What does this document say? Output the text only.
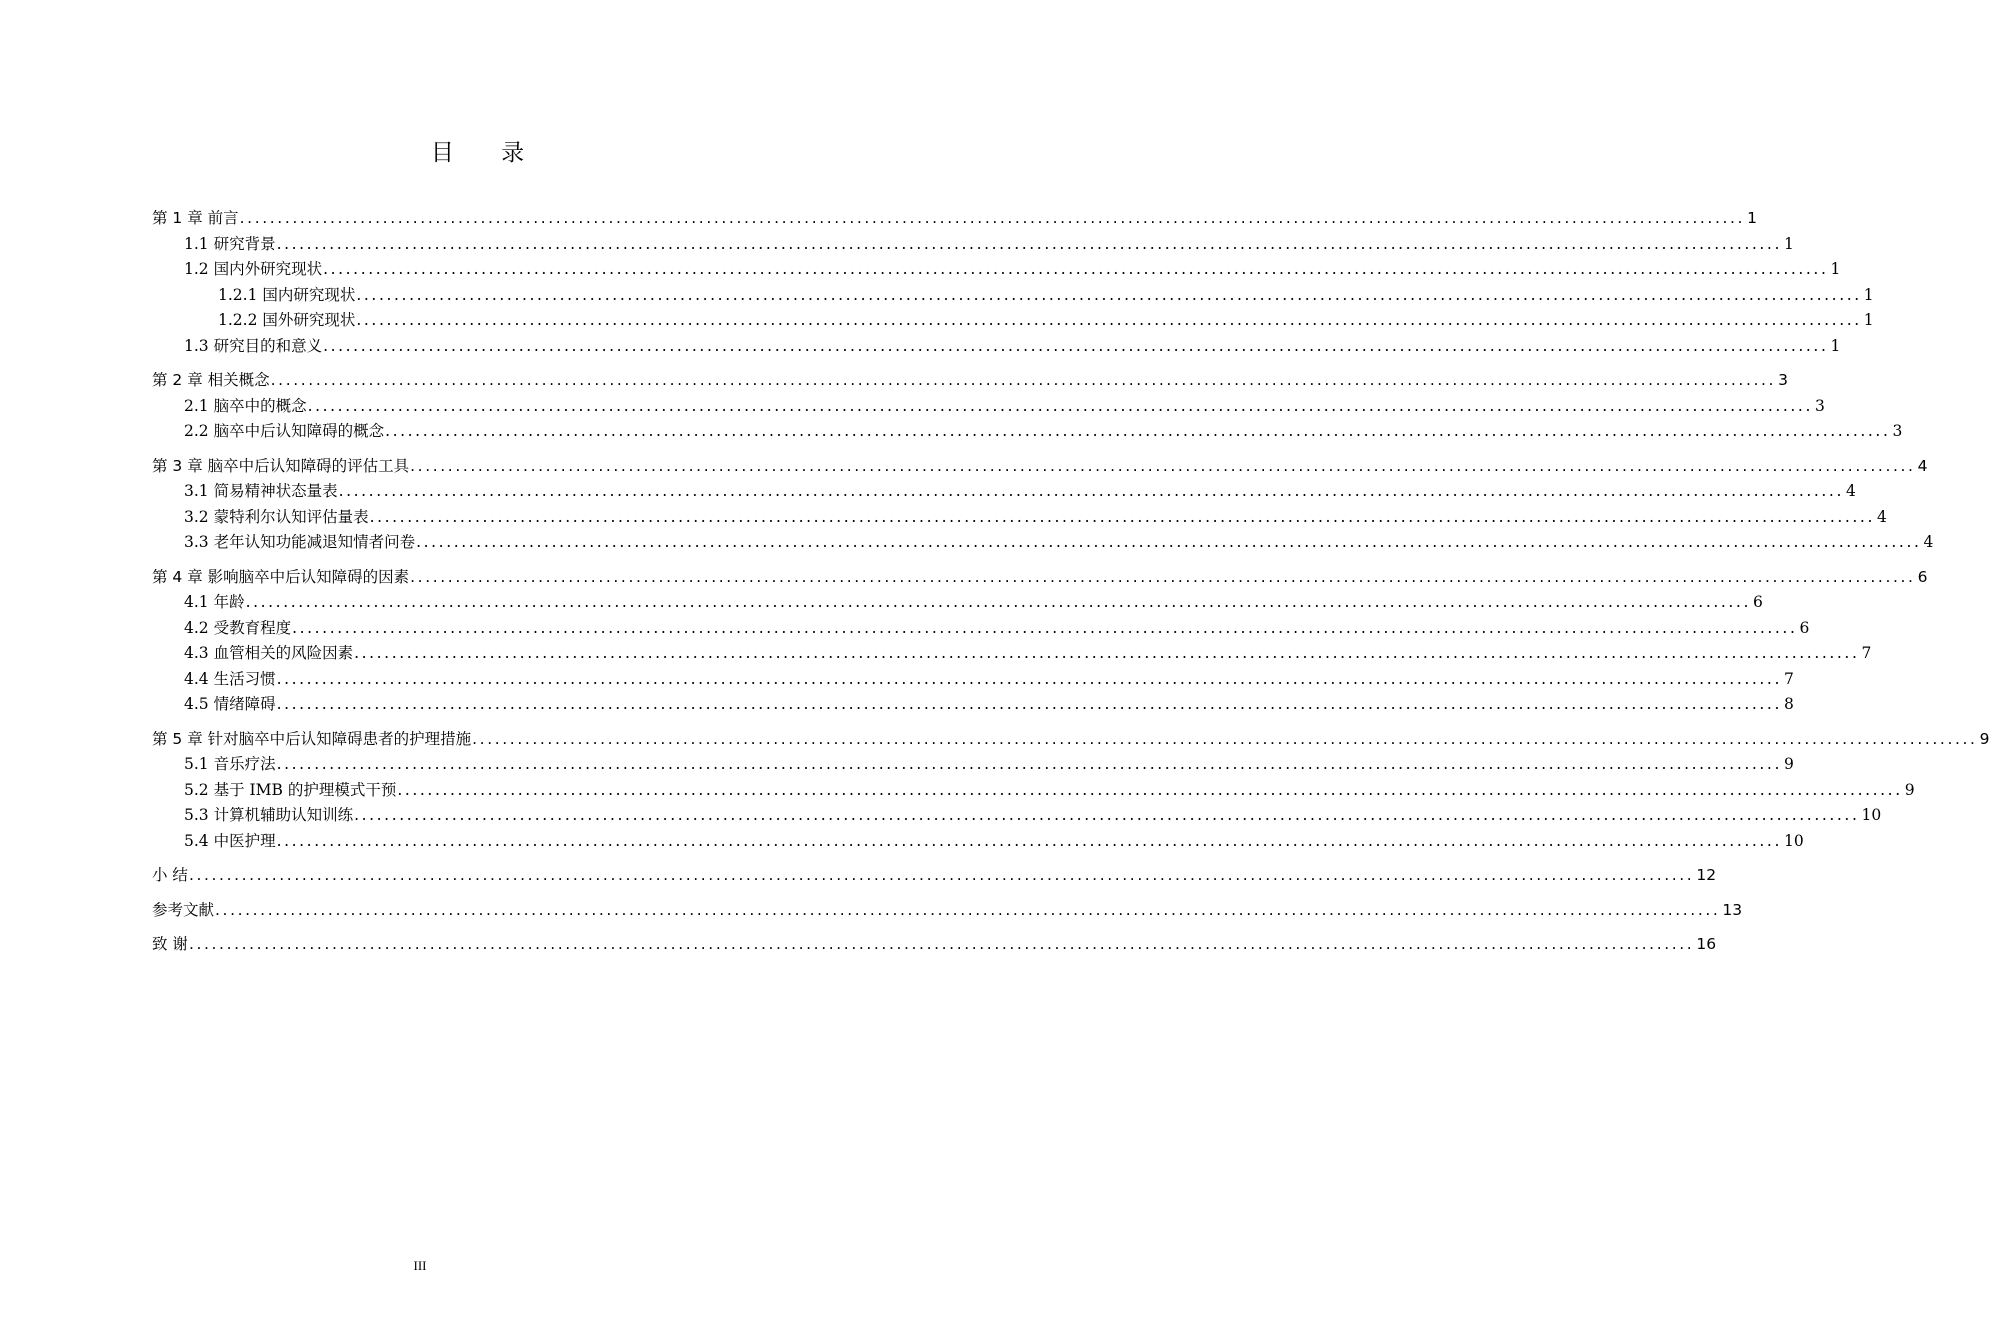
目 录
第 1 章 前言 ........................................................................................................................................................................................................ 1
1.1 研究背景 ........................................................................................................................................................................................................ 1
1.2 国内外研究现状 ........................................................................................................................................................................................................ 1
1.2.1 国内研究现状 ........................................................................................................................................................................................................ 1
1.2.2 国外研究现状 ........................................................................................................................................................................................................ 1
1.3 研究目的和意义 ........................................................................................................................................................................................................ 1
第 2 章 相关概念 ........................................................................................................................................................................................................ 3
2.1 脑卒中的概念 ........................................................................................................................................................................................................ 3
2.2 脑卒中后认知障碍的概念 ........................................................................................................................................................................................................ 3
第 3 章 脑卒中后认知障碍的评估工具 ........................................................................................................................................................................................................ 4
3.1 简易精神状态量表 ........................................................................................................................................................................................................ 4
3.2 蒙特利尔认知评估量表 ........................................................................................................................................................................................................ 4
3.3 老年认知功能减退知情者问卷 ........................................................................................................................................................................................................ 4
第 4 章 影响脑卒中后认知障碍的因素 ........................................................................................................................................................................................................ 6
4.1 年龄 ........................................................................................................................................................................................................ 6
4.2 受教育程度 ........................................................................................................................................................................................................ 6
4.3 血管相关的风险因素 ........................................................................................................................................................................................................ 7
4.4 生活习惯 ........................................................................................................................................................................................................ 7
4.5 情绪障碍 ........................................................................................................................................................................................................ 8
第 5 章 针对脑卒中后认知障碍患者的护理措施 ........................................................................................................................................................................................................ 9
5.1 音乐疗法 ........................................................................................................................................................................................................ 9
5.2 基于 IMB 的护理模式干预 ........................................................................................................................................................................................................ 9
5.3 计算机辅助认知训练 ........................................................................................................................................................................................................ 10
5.4 中医护理 ........................................................................................................................................................................................................ 10
小 结 ........................................................................................................................................................................................................ 12
参考文献 ........................................................................................................................................................................................................ 13
致 谢 ........................................................................................................................................................................................................ 16
III
